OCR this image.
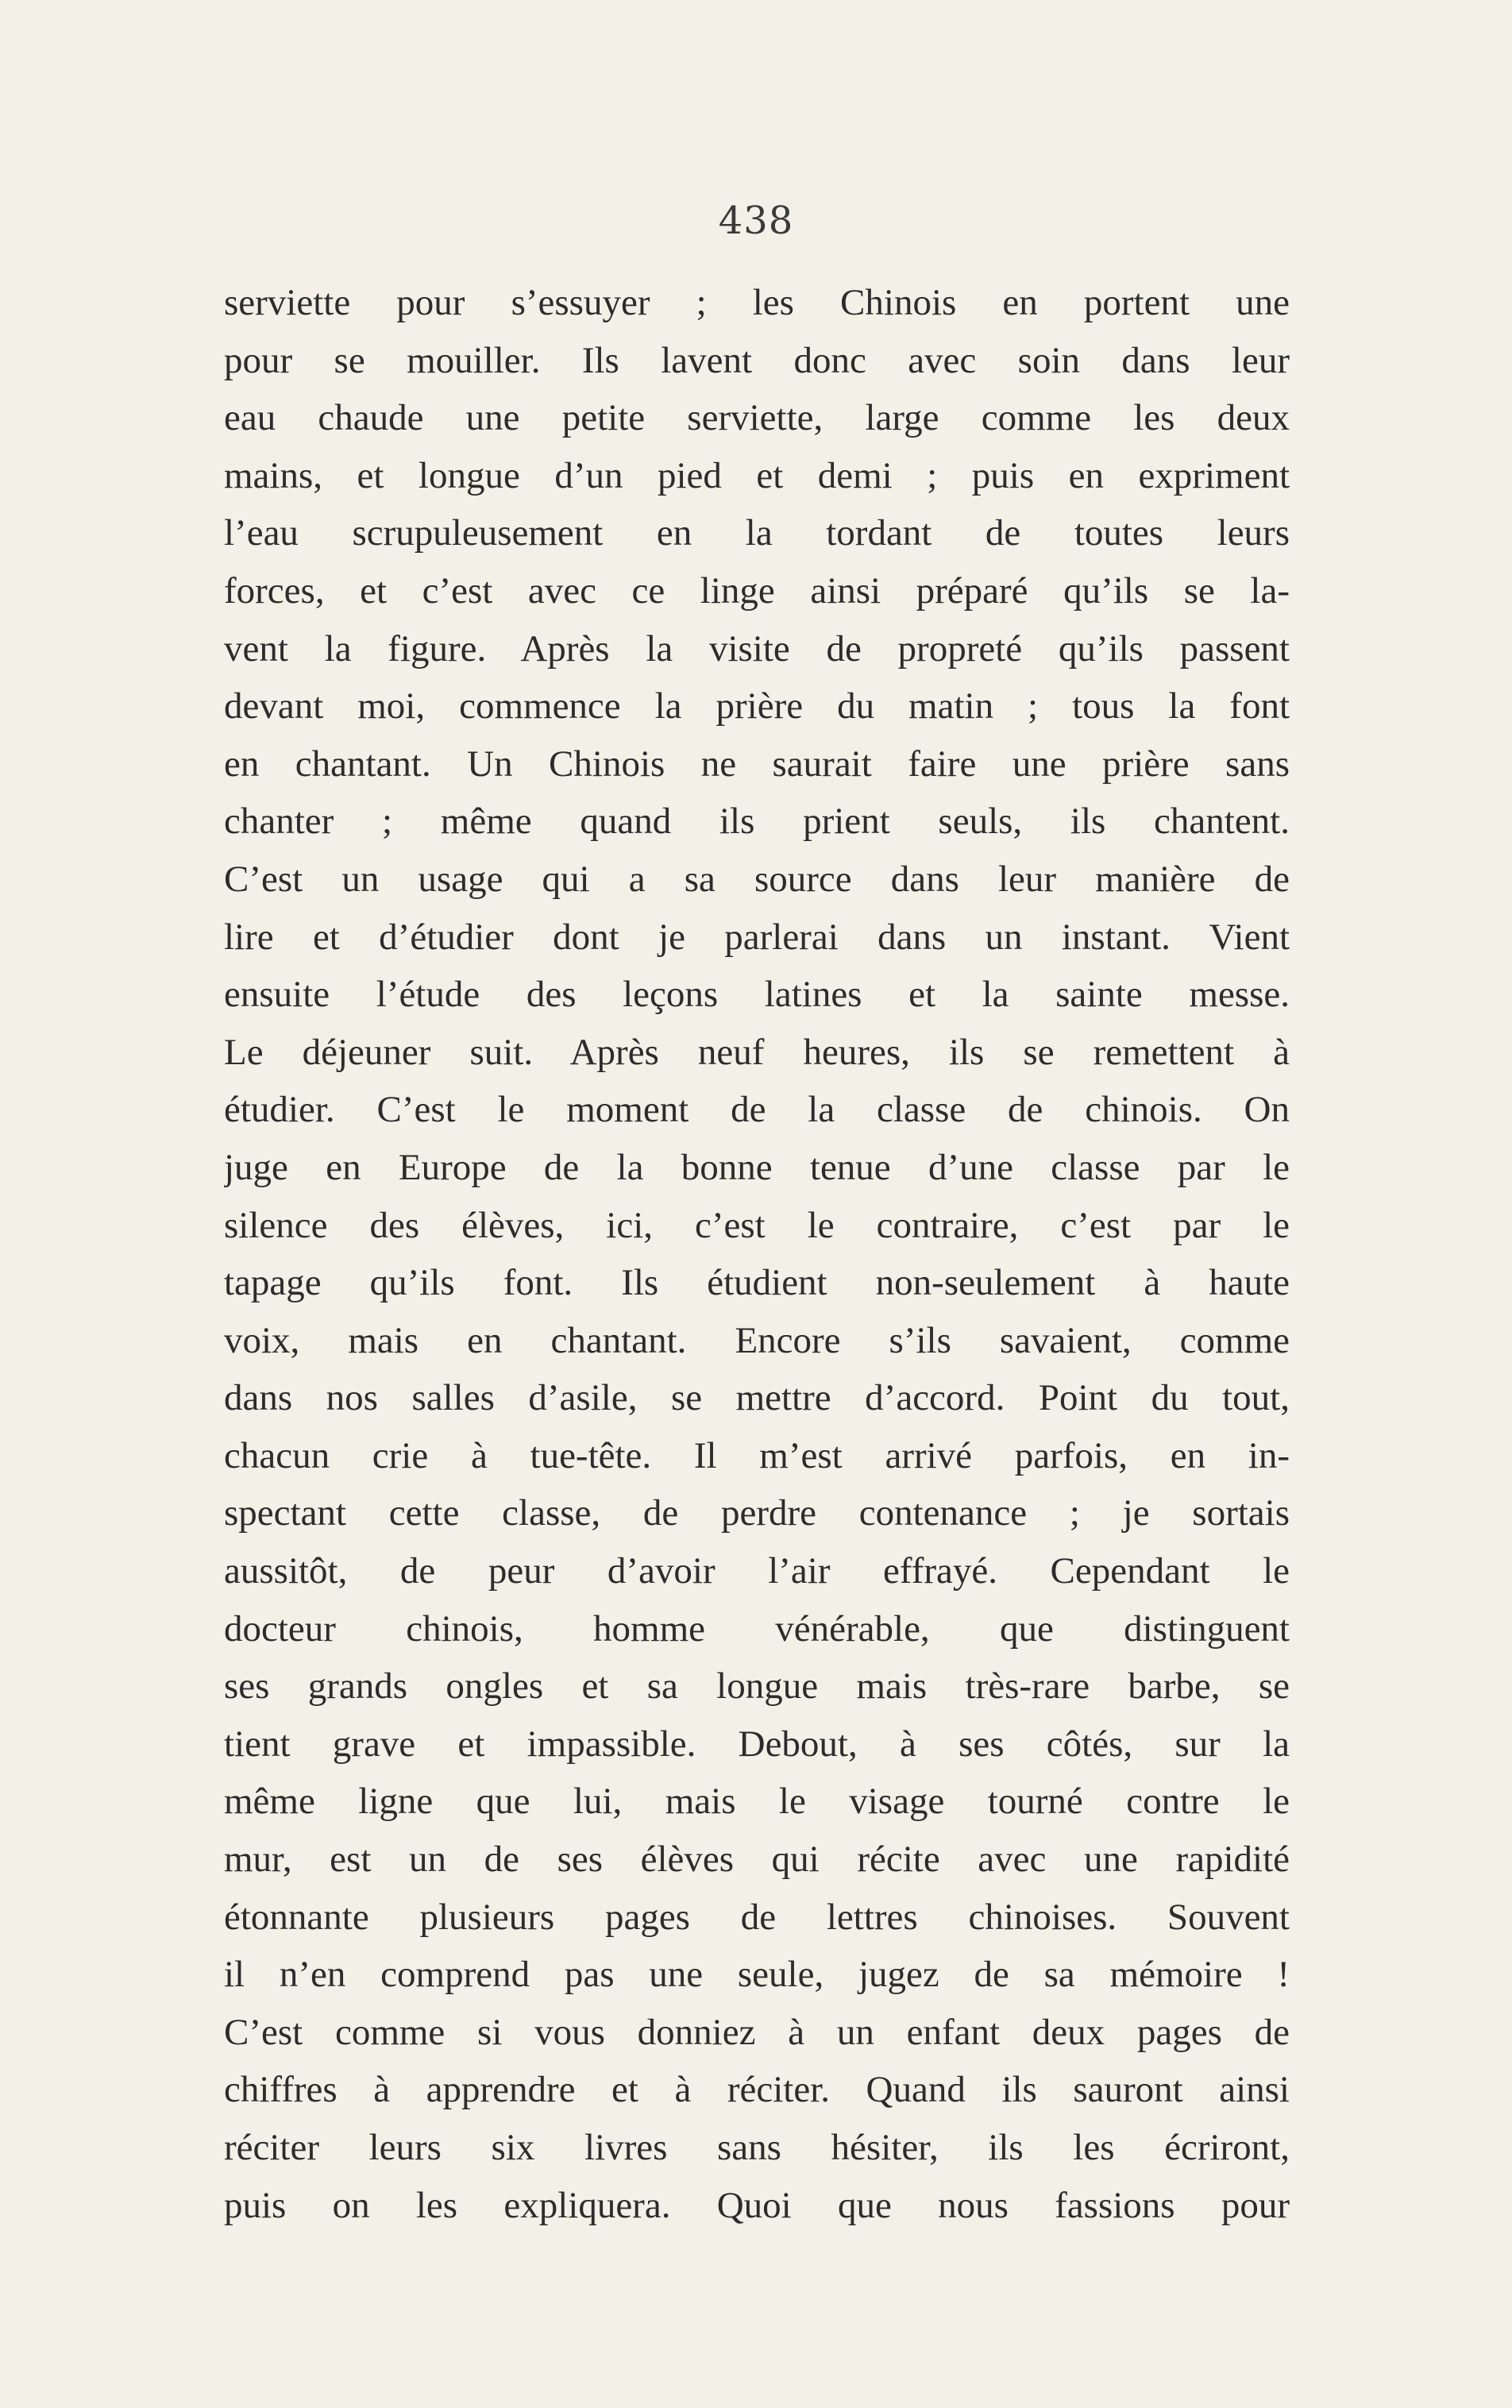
438
serviette pour s’essuyer ; les Chinois en portent une
pour se mouiller. Ils lavent donc avec soin dans leur
eau chaude une petite serviette, large comme les deux
mains, et longue d’un pied et demi ; puis en expriment
l’eau scrupuleusement en la tordant de toutes leurs
forces, et c’est avec ce linge ainsi préparé qu’ils se la-
vent la figure. Après la visite de propreté qu’ils passent
devant moi, commence la prière du matin ; tous la font
en chantant. Un Chinois ne saurait faire une prière sans
chanter ; même quand ils prient seuls, ils chantent.
C’est un usage qui a sa source dans leur manière de
lire et d’étudier dont je parlerai dans un instant. Vient
ensuite l’étude des leçons latines et la sainte messe.
Le déjeuner suit. Après neuf heures, ils se remettent à
étudier. C’est le moment de la classe de chinois. On
juge en Europe de la bonne tenue d’une classe par le
silence des élèves, ici, c’est le contraire, c’est par le
tapage qu’ils font. Ils étudient non-seulement à haute
voix, mais en chantant. Encore s’ils savaient, comme
dans nos salles d’asile, se mettre d’accord. Point du tout,
chacun crie à tue-tête. Il m’est arrivé parfois, en in-
spectant cette classe, de perdre contenance ; je sortais
aussitôt, de peur d’avoir l’air effrayé. Cependant le
docteur chinois, homme vénérable, que distinguent
ses grands ongles et sa longue mais très-rare barbe, se
tient grave et impassible. Debout, à ses côtés, sur la
même ligne que lui, mais le visage tourné contre le
mur, est un de ses élèves qui récite avec une rapidité
étonnante plusieurs pages de lettres chinoises. Souvent
il n’en comprend pas une seule, jugez de sa mémoire !
C’est comme si vous donniez à un enfant deux pages de
chiffres à apprendre et à réciter. Quand ils sauront ainsi
réciter leurs six livres sans hésiter, ils les écriront,
puis on les expliquera. Quoi que nous fassions pour
